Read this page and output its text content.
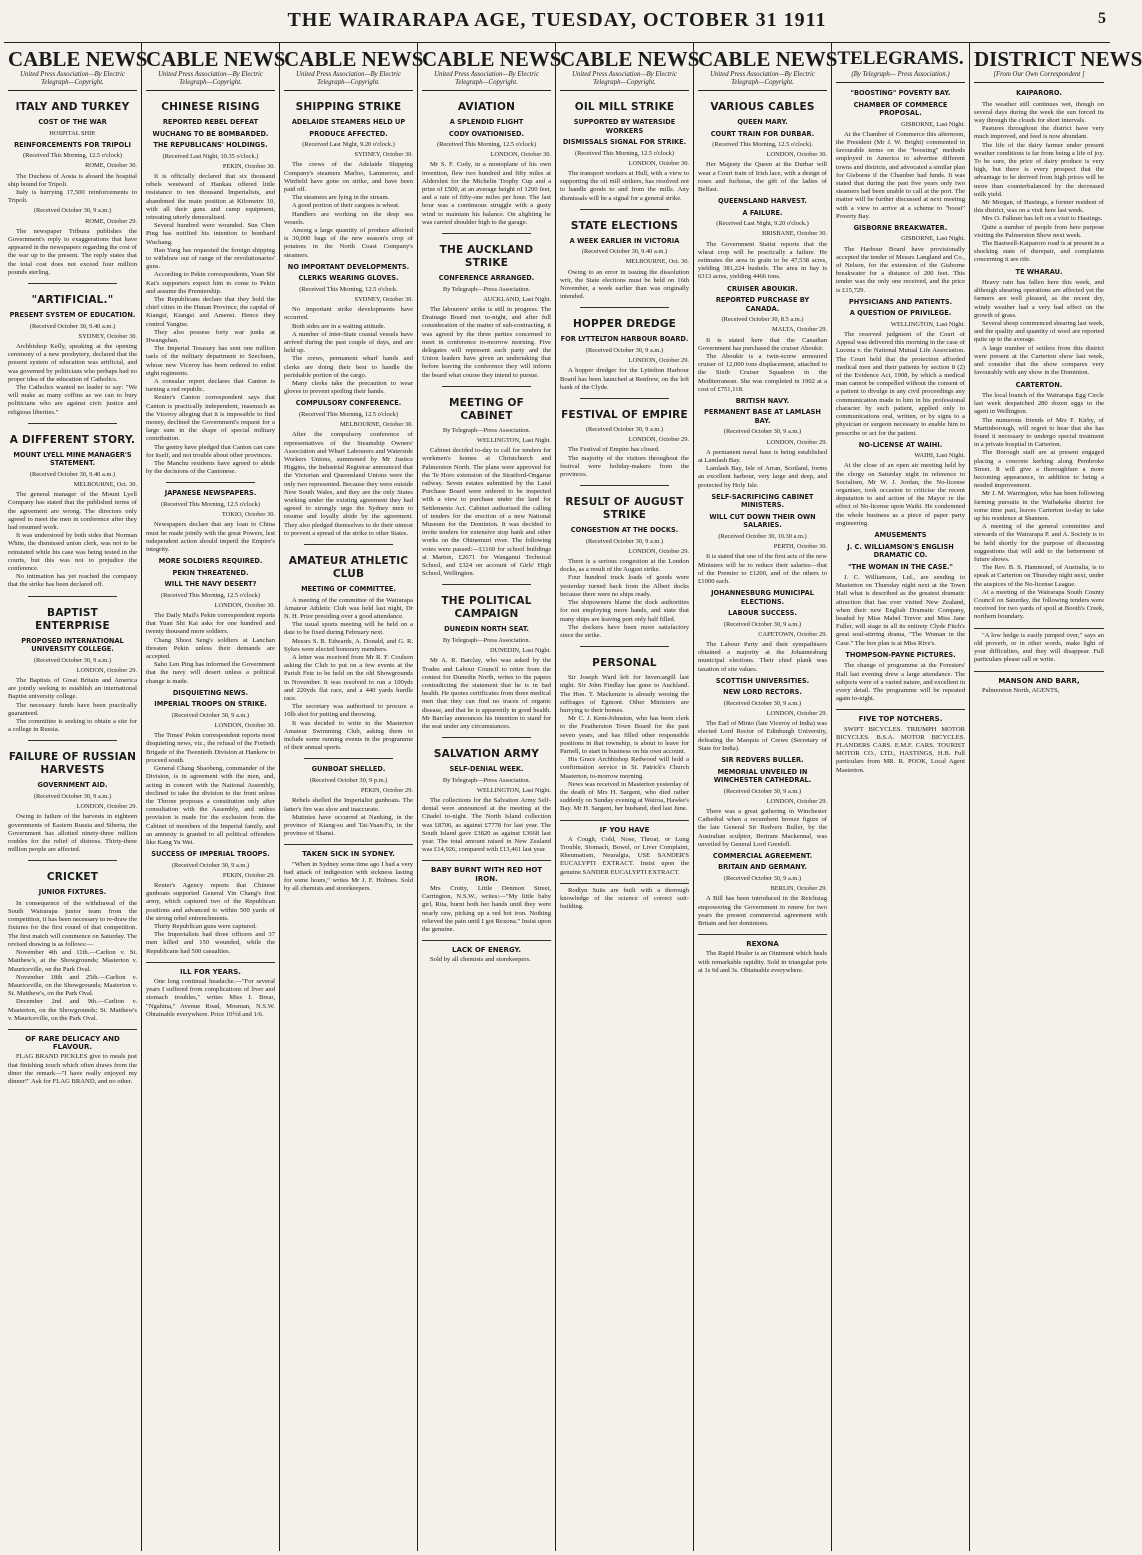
THE WAIRARAPA AGE, TUESDAY, OCTOBER 31 1911	5
CABLE NEWS
United Press Association—By Electric Telegraph—Copyright.
ITALY AND TURKEY
COST OF THE WAR
HOSPITAL SHIP.
REINFORCEMENTS FOR TRIPOLI
(Received This Morning, 12.5 o'clock)
ROME, October 30.

The Duchess of Aosta is aboard the hospital ship bound for Tripoli.

Italy is hurrying 17,500 reinforcements to Tripoli.

(Received October 30, 9 a.m.)
ROME, October 29.

The newspaper Tribuna publishes the Government's reply to exaggerations that have appeared in the newspapers regarding the cost of the war up to the present. The reply states that the total cost does not exceed four million pounds sterling.

"ARTIFICIAL."
PRESENT SYSTEM OF EDUCATION.
(Received October 30, 9.40 a.m.)
SYDNEY, October 30.

Archbishop Kelly, speaking at the opening ceremony of a new presbytery, declared that the present system of education was artificial, and was governed by politicians who perhaps had no proper idea of the education of Catholics.

The Catholics wanted no leader to say: "We will make as many coffins as we can to bury politicians who are against civic justice and religious liberties."

A DIFFERENT STORY.
MOUNT LYELL MINE MANAGER'S STATEMENT.
(Received October 30, 9.40 a.m.)
MELBOURNE, Oct. 30.

The general manager of the Mount Lyell Company has stated that the published terms of the agreement are wrong. The directors only agreed to meet the men in conference after they had resumed work.

It was understood by both sides that Norman White, the dismissed union clerk, was not to be reinstated while his case was being tested in the courts, but this was not to prejudice the conference.

No intimation has yet reached the company that the strike has been declared off.

BAPTIST ENTERPRISE
PROPOSED INTERNATIONAL UNIVERSITY COLLEGE.
(Received October 30, 9 a.m.)
LONDON, October 29.

The Baptists of Great Britain and America are jointly seeking to establish an international Baptist university college.

The necessary funds have been practically guaranteed.

The committee is seeking to obtain a site for a college in Russia.

FAILURE OF RUSSIAN HARVESTS
GOVERNMENT AID.
(Received October 30, 9 a.m.)
LONDON, October 29.

Owing to failure of the harvests in eighteen governments of Eastern Russia and Siberia, the Government has allotted ninety-three million roubles for the relief of distress. Thirty-three million people are affected.

CRICKET
JUNIOR FIXTURES.

In consequence of the withdrawal of the South Wairarapa junior team from the competition, it has been necessary to re-draw the fixtures for the first round of that competition. The first match will commence on Saturday. The revised drawing is as follows:—

November 4th and 11th.—Carlton v. St. Matthew's, at the Showgrounds; Masterton v. Mauriceville, on the Park Oval.

November 18th and 25th.—Carlton v. Mauriceville, on the Showgrounds; Masterton v. St. Matthew's, on the Park Oval.

December 2nd and 9th.—Carlton v. Masterton, on the Showgrounds; St. Matthew's v. Mauriceville, on the Park Oval.

OF RARE DELICACY AND FLAVOUR.

FLAG BRAND PICKLES give to meals just that finishing touch which often draws from the diner the remark—"I have really enjoyed my dinner!" Ask for FLAG BRAND, and no other.

CABLE NEWS
United Press Association—By Electric Telegraph—Copyright.
CHINESE RISING
REPORTED REBEL DEFEAT
WUCHANG TO BE BOMBARDED.
THE REPUBLICANS' HOLDINGS.
(Received Last Night, 10.35 o'clock.)
PEKIN, October 30.

It is officially declared that six thousand rebels westward of Hankau offered little resistance to ten thousand Imperialists, and abandoned the main position at Kilometre 10, with all their guns and camp equipment, retreating utterly demoralised.

Several hundred were wounded. Sun Chen Ping has notified his intention to bombard Wuchang.

Han Yang has requested the foreign shipping to withdraw out of range of the revolutionaries' guns.

According to Pekin correspondents, Yuan Shi Kai's supporters expect him to come to Pekin and assume the Premiership.

The Republicans declare that they hold the chief cities in the Hunan Province, the capital of Kiangsi, Kiangsi and Amensi. Hence they control Yangtse.

They also possess forty war junks at Hwangshan.

The Imperial Treasury has sent one million taels of the military department to Szechuen, whose new Viceroy has been ordered to enlist eight regiments.

A consular report declares that Canton is turning a red republic.

Reuter's Canton correspondent says that Canton is practically independent, inasmuch as the Viceroy alleging that it is impossible to find money, declined the Government's request for a large sum in the shape of special military contribution.

The gentry have pledged that Canton can care for itself, and not trouble about other provinces.

The Manchu residents have agreed to abide by the decisions of the Cantonese.

JAPANESE NEWSPAPERS.
(Received This Morning, 12.5 o'clock)
TOKIO, October 30.

Newspapers declare that any loan to China must be made jointly with the great Powers, lest independent action should imperil the Empire's integrity.

MORE SOLDIERS REQUIRED.
PEKIN THREATENED.
WILL THE NAVY DESERT?
(Received This Morning, 12.5 o'clock)
LONDON, October 30.

The Daily Mail's Pekin correspondent reports that Yuan Shi Kai asks for one hundred and twenty thousand more soldiers.

Chang Shoot Seng's soldiers at Lanchan threaten Pekin unless their demands are accepted.

Saho Len Ping has informed the Government that the navy will desert unless a political change is made.

DISQUIETING NEWS.
IMPERIAL TROOPS ON STRIKE.
(Received October 30, 9 a.m.)
LONDON, October 30.

The Times' Pekin correspondent reports most disquieting news, viz., the refusal of the Fortieth Brigade of the Twentieth Division at Hankow to proceed south.

General Chang Shaobeng, commander of the Division, is in agreement with the men, and, acting in concert with the National Assembly, declined to take the division to the front unless the Throne proposes a constitution only after consultation with the Assembly, and unless provision is made for the exclusion from the Cabinet of members of the Imperial family, and an amnesty is granted to all political offenders like Kang Yu Wei.

SUCCESS OF IMPERIAL TROOPS.
(Received October 30, 9 a.m.)
PEKIN, October 29.

Reuter's Agency reports that Chinese gunboats supported General Yin Chang's first army, which captured two of the Republican positions and advanced to within 500 yards of the strong rebel entrenchments.

Thirty Republican guns were captured.

The Imperialists had three officers and 37 men killed and 150 wounded, while the Republicans had 500 casualties.

ILL FOR YEARS.

One long continual headache.—"For several years I suffered from complications of liver and stomach troubles," writes Miss I. Brear, "Ngahina," Avenue Road, Mosman, N.S.W. Obtainable everywhere. Price 10½d and 1/6.

CABLE NEWS
United Press Association—By Electric Telegraph—Copyright.
SHIPPING STRIKE
ADELAIDE STEAMERS HELD UP
PRODUCE AFFECTED.
(Received Last Night, 9.20 o'clock.)
SYDNEY, October 30.

The crews of the Adelaide Shipping Company's steamers Marloo, Lammeroo, and Winfield have gone on strike, and have been paid off.

The steamers are lying in the stream.

A good portion of their cargoes is wheat.

Handlers are working on the deep sea vessels.

Among a large quantity of produce affected is 30,000 bags of the new season's crop of potatoes in the North Coast Company's steamers.

NO IMPORTANT DEVELOPMENTS.
CLERKS WEARING GLOVES.
(Received This Morning, 12.5 o'clock.
SYDNEY, October 30.

No important strike developments have occurred.

Both sides are in a waiting attitude.

A number of inter-State coastal vessels have arrived during the past couple of days, and are held up.

The crews, permanent wharf hands and clerks are doing their best to handle the perishable portion of the cargo.

Many clerks take the precaution to wear gloves to prevent spoiling their hands.

COMPULSORY CONFERENCE.
(Received This Morning, 12.5 o'clock)
MELBOURNE, October 30.

After the compulsory conference of representatives of the Steamship Owners' Association and Wharf Labourers and Waterside Workers Unions, summoned by Mr Justice Higgins, the Industrial Registrar announced that the Victorian and Queensland Unions were the only two represented. Because they were outside New South Wales, and they are the only States working under the existing agreement they had agreed to strongly urge the Sydney men to resume and loyally abide by the agreement. They also pledged themselves to do their utmost to prevent a spread of the strike to other States.

AMATEUR ATHLETIC CLUB
MEETING OF COMMITTEE.

A meeting of the committee of the Wairarapa Amateur Athletic Club was held last night, Dr N. H. Prior presiding over a good attendance.

The usual sports meeting will be held on a date to be fixed during February next.

Messrs S. B. Edwards, A. Donald, and G. R. Sykes were elected honorary members.

A letter was received from Mr R. F. Coulson asking the Club to put on a few events at the Parish Fete to be held on the old Showgrounds in November. It was resolved to run a 100yds and 220yds flat race, and a 440 yards hurdle race.

The secretary was authorised to procure a 10lb shot for putting and throwing.

It was decided to write to the Masterton Amateur Swimming Club, asking them to include some running events in the programme of their annual sports.

GUNBOAT SHELLED.
(Received October 30, 9 p.m.)
PEKIN, October 29.

Rebels shelled the Imperialist gunboats. The latter's fire was slow and inaccurate.

Mutinies have occurred at Nanking, in the province of Kiang-su and Tai-Yuan-Fu, in the province of Shansi.

TAKEN SICK IN SYDNEY.

"When in Sydney some time ago I had a very bad attack of indigestion with sickness lasting for some hours," writes Mr J. F. Holmes. Sold by all chemists and storekeepers.

CABLE NEWS
United Press Association—By Electric Telegraph—Copyright.
AVIATION
A SPLENDID FLIGHT
CODY OVATIONISED.
(Received This Morning, 12.5 o'clock)
LONDON, October 30.

Mr S. F. Cody, in a monoplane of his own invention, flew two hundred and fifty miles at Aldershot for the Michelin Trophy Cup and a prize of £500, at an average height of 1200 feet, and a rate of fifty-one miles per hour. The last hour was a continuous struggle with a gusty wind to maintain his balance. On alighting he was carried shoulder high to the garage.

THE AUCKLAND STRIKE
CONFERENCE ARRANGED.
By Telegraph—Press Association.
AUCKLAND, Last Night.

The labourers' strike is still in progress. The Drainage Board met to-night, and after full consideration of the matter of sub-contracting, it was agreed by the three parties concerned to meet in conference to-morrow morning. Five delegates will represent each party and the Union leaders have given an undertaking that before leaving the conference they will inform the board what course they intend to pursue.

MEETING OF CABINET
By Telegraph—Press Association.
WELLINGTON, Last Night.

Cabinet decided to-day to call for tenders for workmen's homes at Christchurch and Palmerston North. The plans were approved for the Te Horo extension of the Stratford-Ongarue railway. Seven estates submitted by the Land Purchase Board were ordered to be inspected with a view to purchase under the land for Settlements Act. Cabinet authorised the calling of tenders for the erection of a new National Museum for the Dominion. It was decided to invite tenders for extensive stop bank and other works on the Ohinemuri river. The following votes were passed:—£1160 for school buildings at Marton, £2671 for Wanganui Technical School, and £324 on account of Girls' High School, Wellington.

THE POLITICAL CAMPAIGN
DUNEDIN NORTH SEAT.
By Telegraph—Press Association.
DUNEDIN, Last Night.

Mr A. R. Barclay, who was asked by the Trades and Labour Council to retire from the contest for Dunedin North, writes to the papers contradicting the statement that he is in bad health. He quotes certificates from three medical men that they can find no traces of organic disease, and that he is apparently in good health. Mr Barclay announces his intention to stand for the seat under any circumstances.

SALVATION ARMY
SELF-DENIAL WEEK.
By Telegraph—Press Association.
WELLINGTON, Last Night.

The collections for the Salvation Army Self-denial were announced at the meeting at the Citadel to-night. The North Island collection was £8706, as against £7778 for last year. The South Island gave £3820 as against £3668 last year. The total amount raised in New Zealand was £14,926, compared with £13,461 last year.

BABY BURNT WITH RED HOT IRON.

Mrs Crotty, Little Denmon Street, Carrington, N.S.W., writes:—"My little baby girl, Rita, burnt both her hands until they were nearly raw, picking up a red hot iron. Nothing relieved the pain until I got Rexona." Insist upon the genuine.

LACK OF ENERGY.

Sold by all chemists and storekeepers.

CABLE NEWS
United Press Association—By Electric Telegraph—Copyright.
OIL MILL STRIKE
SUPPORTED BY WATERSIDE WORKERS
DISMISSALS SIGNAL FOR STRIKE.
(Received This Morning, 12.5 o'clock)
LONDON, October 30.

The transport workers at Hull, with a view to supporting the oil mill strikers, has resolved not to handle goods to and from the mills. Any dismissals will be a signal for a general strike.

STATE ELECTIONS
A WEEK EARLIER IN VICTORIA
(Received October 30, 9.40 a.m.)
MELBOURNE, Oct. 30.

Owing to an error in issuing the dissolution writ, the State elections must be held on 16th November, a week earlier than was originally intended.

HOPPER DREDGE
FOR LYTTELTON HARBOUR BOARD.
(Received October 30, 9 a.m.)
LONDON, October 29.

A hopper dredger for the Lyttelton Harbour Board has been launched at Renfrew, on the left bank of the Clyde.

FESTIVAL OF EMPIRE
(Received October 30, 9 a.m.)
LONDON, October 29.

The Festival of Empire has closed.

The majority of the visitors throughout the festival were holiday-makers from the provinces.

RESULT OF AUGUST STRIKE
CONGESTION AT THE DOCKS.
(Received October 30, 9 a.m.)
LONDON, October 29.

There is a serious congestion at the London docks, as a result of the August strike.

Four hundred truck loads of goods were yesterday turned back from the Albert docks because there were no ships ready.

The shipowners blame the dock authorities for not employing more hands, and state that many ships are leaving port only half filled.

The dockers have been more satisfactory since the strike.

PERSONAL

Sir Joseph Ward left for Invercargill last night. Sir John Findlay has gone to Auckland. The Hon. T. Mackenzie is already wooing the suffrages of Egmont. Other Ministers are hurrying to their homes.

Mr C. J. Kent-Johnston, who has been clerk to the Featherston Town Board for the past seven years, and has filled other responsible positions in that township, is about to leave for Parnell, to start in business on his own account.

His Grace Archbishop Redwood will hold a confirmation service in St. Patrick's Church Masterton, to-morrow morning.

News was received in Masterton yesterday of the death of Mrs H. Sargent, who died rather suddenly on Sunday evening at Wairoa, Hawke's Bay. Mr H. Sargent, her husband, died last June.

IF YOU HAVE

A Cough, Cold, Nose, Throat, or Lung Trouble, Stomach, Bowel, or Liver Complaint, Rheumatism, Neuralgia, USE SANDER'S EUCALYPTI EXTRACT. Insist upon the genuine SANDER EUCALYPTI EXTRACT.

Rodlyn Suits are built with a thorough knowledge of the science of correct suit-building.

CABLE NEWS
United Press Association—By Electric Telegraph—Copyright.
VARIOUS CABLES
QUEEN MARY.
COURT TRAIN FOR DURBAR.
(Received This Morning, 12.5 o'clock).
LONDON, October 30.

Her Majesty the Queen at the Durbar will wear a Court train of Irish lace, with a design of roses and fuchsias, the gift of the ladies of Belfast.

QUEENSLAND HARVEST.
A FAILURE.
(Received Last Night, 9.20 o'clock.)
BRISBANE, October 30.

The Government Statist reports that the wheat crop will be practically a failure. He estimates the area in grain to be 47,538 acres, yielding 381,224 bushels. The area in hay is 6313 acres, yielding 4466 tons.

CRUISER ABOUKIR.
REPORTED PURCHASE BY CANADA.
(Received October 30, 8.5 a.m.)
MALTA, October 29.

It is stated here that the Canadian Government has purchased the cruiser Aboukir.

The Aboukir is a twin-screw armoured cruiser of 12,000 tons displacement, attached to the Sixth Cruiser Squadron in the Mediterranean. She was completed in 1902 at a cost of £751,118.

BRITISH NAVY.
PERMANENT BASE AT LAMLASH BAY.
(Received October 30, 9 a.m.)
LONDON, October 29.

A permanent naval base is being established at Lamlash Bay.

Lamlash Bay, Isle of Arran, Scotland, forms an excellent harbour, very large and deep, and protected by Holy Isle.

SELF-SACRIFICING CABINET MINISTERS.
WILL CUT DOWN THEIR OWN SALARIES.
(Received October 30, 10.30 a.m.)
PERTH, October 30.

It is stated that one of the first acts of the new Ministers will be to reduce their salaries—that of the Premier to £1200, and of the others to £1000 each.

JOHANNESBURG MUNICIPAL ELECTIONS.
LABOUR SUCCESS.
(Received October 30, 9 a.m.)
CAPETOWN, October 29.

The Labour Party and their sympathisers obtained a majority at the Johannesburg municipal elections. Their chief plank was taxation of site values.

SCOTTISH UNIVERSITIES.
NEW LORD RECTORS.
(Received October 30, 9 a.m.)
LONDON, October 29.

The Earl of Minto (late Viceroy of India) was elected Lord Rector of Edinburgh University, defeating the Marquis of Crewe (Secretary of State for India).

SIR REDVERS BULLER.
MEMORIAL UNVEILED IN WINCHESTER CATHEDRAL.
(Received October 30, 9 a.m.)
LONDON, October 29.

There was a great gathering in Winchester Cathedral when a recumbent bronze figure of the late General Sir Redvers Buller, by the Australian sculptor, Bertram Mackennal, was unveiled by General Lord Grenfell.

COMMERCIAL AGREEMENT.
BRITAIN AND GERMANY.
(Received October 30, 9 a.m.)
BERLIN, October 29.

A Bill has been introduced in the Reichstag empowering the Government to renew for two years the present commercial agreement with Britain and her dominions.

REXONA

The Rapid Healer is an Ointment which heals with remarkable rapidity. Sold in triangular pots at 1s 6d and 3s. Obtainable everywhere.

TELEGRAMS.
(By Telegraph— Press Association.)
"BOOSTING" POVERTY BAY.
CHAMBER OF COMMERCE PROPOSAL.
GISBORNE, Last Night.

At the Chamber of Commerce this afternoon, the President (Mr J. W. Bright) commented in favourable terms on the "boosting" methods employed in America to advertise different towns and districts, and advocated a similar plan for Gisborne if the Chamber had funds. It was stated that during the past five years only two steamers had been unable to call at the port. The matter will be further discussed at next meeting with a view to arrive at a scheme to "boost" Poverty Bay.

GISBORNE BREAKWATER.
GISBORNE, Last Night.

The Harbour Board have provisionally accepted the tender of Messrs Langland and Co., of Nelson, for the extension of the Gisborne breakwater for a distance of 200 feet. This tender was the only one received, and the price is £15,729.

PHYSICIANS AND PATIENTS.
A QUESTION OF PRIVILEGE.
WELLINGTON, Last Night.

The reserved judgment of the Court of Appeal was delivered this morning in the case of Lucena v. the National Mutual Life Association. The Court held that the protection afforded medical men and their patients by section 8 (2) of the Evidence Act, 1908, by which a medical man cannot be compelled without the consent of a patient to divulge in any civil proceedings any communication made to him in his professional character by such patient, applied only to communications oral, written, or by signs to a physician or surgeon necessary to enable him to prescribe or act for the patient.

NO-LICENSE AT WAIHI.
WAIHI, Last Night.

At the close of an open air meeting held by the clergy on Saturday night in reference to Socialism, Mr W. J. Jordan, the No-license organiser, took occasion to criticise the recent deputation to and action of the Mayor re the effect of No-license upon Waihi. He condemned the whole business as a piece of paper party engineering.

AMUSEMENTS
J. C. WILLIAMSON'S ENGLISH DRAMATIC CO.
"THE WOMAN IN THE CASE."

J. C. Williamson, Ltd., are sending to Masterton on Thursday night next at the Town Hall what is described as the greatest dramatic attraction that has ever visited New Zealand, when their new English Dramatic Company, headed by Miss Mabel Trevor and Miss Jane Fuller, will stage in all its entirety Clyde Fitch's great soul-stirring drama, "The Woman in the Case." The box plan is at Miss Rive's.

THOMPSON-PAYNE PICTURES.

The change of programme at the Foresters' Hall last evening drew a large attendance. The subjects were of a varied nature, and excellent in every detail. The programme will be repeated again to-night.

FIVE TOP NOTCHERS.

SWIFT BICYCLES. TRIUMPH MOTOR BICYCLES. B.S.A. MOTOR BICYCLES. FLANDERS CARS. E.M.F. CARS. TOURIST MOTOR CO., LTD., HASTINGS, H.B. Full particulars from MR. R. POOK, Local Agent Masterton.

DISTRICT NEWS
[From Our Own Correspondent ]
KAIPARORO.

The weather still continues wet, though on several days during the week the sun forced its way through the clouds for short intervals.

Pastures throughout the district have very much improved, and feed is now abundant.

The life of the dairy farmer under present weather conditions is far from being a life of joy. To be sure, the price of dairy produce is very high, but there is every prospect that the advantage to be derived from high prices will be more than counterbalanced by the decreased milk yield.

Mr Morgan, of Hastings, a former resident of this district, was on a visit here last week.

Mrs O. Falkner has left on a visit to Hastings.

Quite a number of people from here purpose visiting the Palmerston Show next week.

The Bastwell-Kaiparoro road is at present in a shocking state of disrepair, and complaints concerning it are rife.

TE WHARAU.

Heavy rain has fallen here this week, and although shearing operations are affected yet the farmers are well pleased, as the recent dry, windy weather had a very bad effect on the growth of grass.

Several sheep commenced shearing last week, and the quality and quantity of wool are reported quite up to the average.

A large number of settlers from this district were present at the Carterton show last week, and consider that the show compares very favourably with any show in the Dominion.

CARTERTON.

The local branch of the Wairarapa Egg Circle last week despatched 280 dozen eggs to the agent in Wellington.

The numerous friends of Mrs F. Kirby, of Martinborough, will regret to hear that she has found it necessary to undergo special treatment in a private hospital in Carterton.

The Borough staff are at present engaged placing a concrete kerbing along Pembroke Street. It will give a thoroughfare a more becoming appearance, in addition to being a needed improvement.

Mr J. M. Warrington, who has been following farming pursuits in the Waihakeke district for some time past, leaves Carterton to-day to take up his residence at Shannon.

A meeting of the general committee and stewards of the Wairarapa P. and A. Society is to be held shortly for the purpose of discussing suggestions that will add to the betterment of future shows.

The Rev. B. S. Hammond, of Australia, is to speak at Carterton on Thursday night next, under the auspices of the No-license League.

At a meeting of the Wairarapa South County Council on Saturday, the following tenders were received for two yards of spoil at Booth's Creek, northern boundary.

"A low hedge is easily jumped over," says an old proverb, or in other words, make light of your difficulties, and they will disappear. Full particulars please call or write.

MANSON AND BARR,

Palmerston North, AGENTS,
